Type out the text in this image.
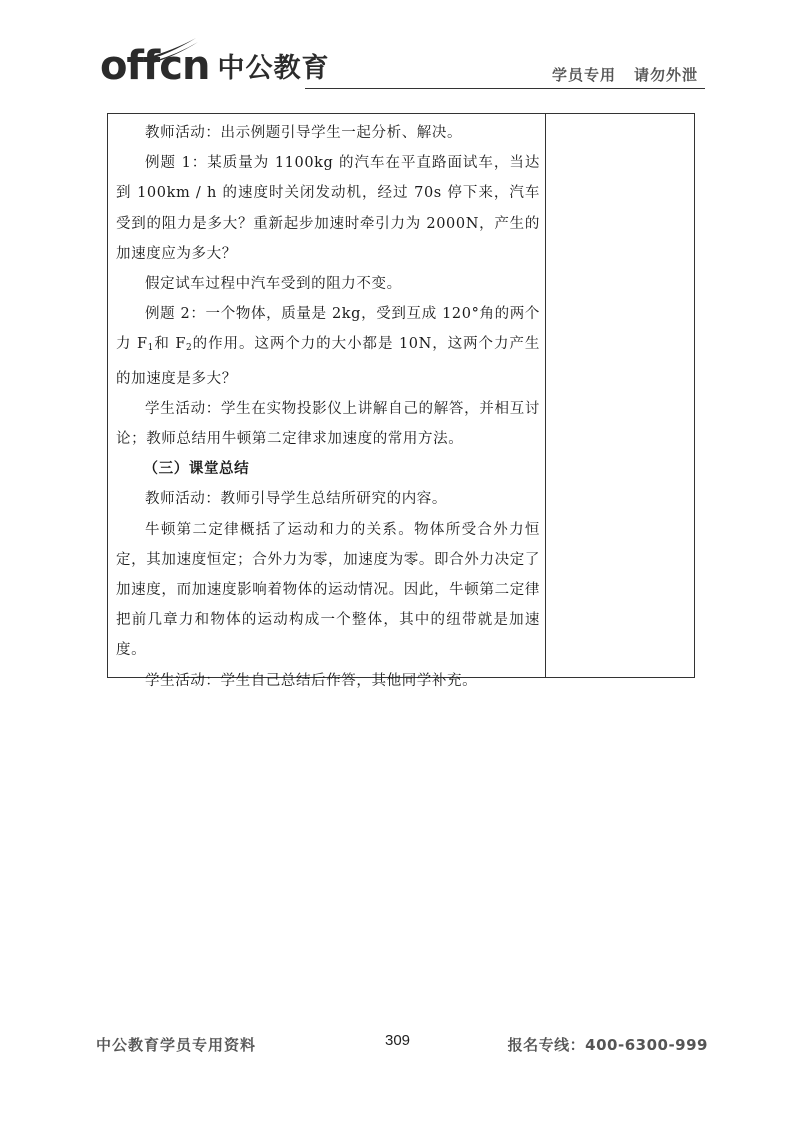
offcn 中公教育	学员专用 请勿外泄

教师活动：出示例题引导学生一起分析、解决。

例题 1：某质量为 1100kg 的汽车在平直路面试车，当达到 100km / h 的速度时关闭发动机，经过 70s 停下来，汽车受到的阻力是多大？重新起步加速时牵引力为 2000N，产生的加速度应为多大？

假定试车过程中汽车受到的阻力不变。

例题 2：一个物体，质量是 2kg，受到互成 120°角的两个力 $F_1$和 $F_2$的作用。这两个力的大小都是 10N，这两个力产生的加速度是多大？

学生活动：学生在实物投影仪上讲解自己的解答，并相互讨论；教师总结用牛顿第二定律求加速度的常用方法。

（三）课堂总结

教师活动：教师引导学生总结所研究的内容。

牛顿第二定律概括了运动和力的关系。物体所受合外力恒定，其加速度恒定；合外力为零，加速度为零。即合外力决定了加速度，而加速度影响着物体的运动情况。因此，牛顿第二定律把前几章力和物体的运动构成一个整体，其中的纽带就是加速度。

学生活动：学生自己总结后作答，其他同学补充。

中公教育学员专用资料	309	报名专线：400-6300-999
